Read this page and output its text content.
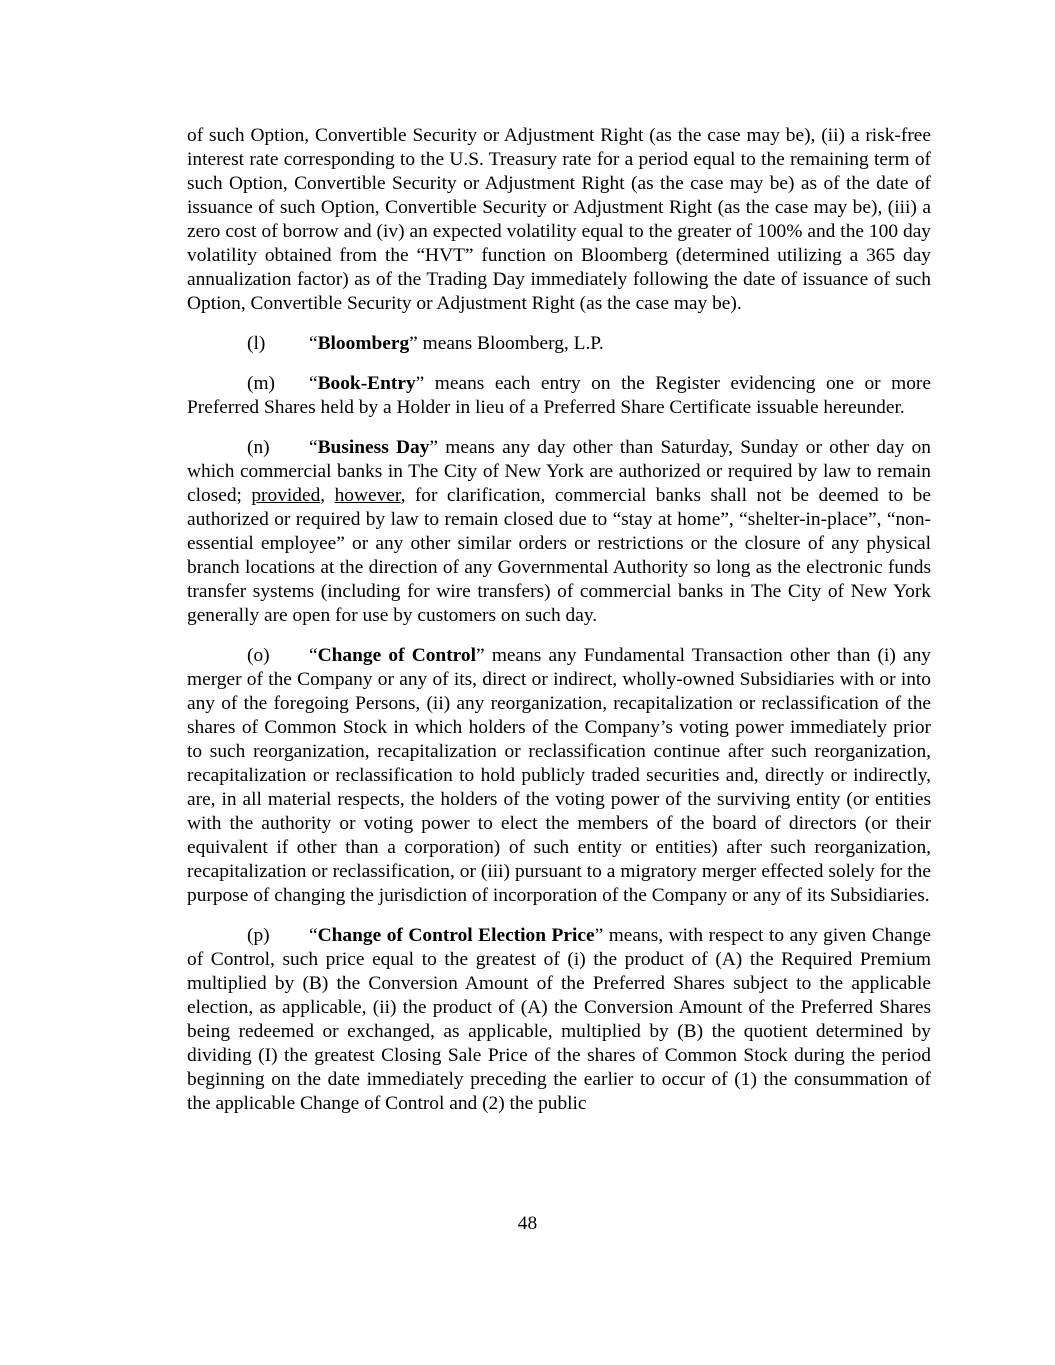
of such Option, Convertible Security or Adjustment Right (as the case may be), (ii) a risk-free interest rate corresponding to the U.S. Treasury rate for a period equal to the remaining term of such Option, Convertible Security or Adjustment Right (as the case may be) as of the date of issuance of such Option, Convertible Security or Adjustment Right (as the case may be), (iii) a zero cost of borrow and (iv) an expected volatility equal to the greater of 100% and the 100 day volatility obtained from the “HVT” function on Bloomberg (determined utilizing a 365 day annualization factor) as of the Trading Day immediately following the date of issuance of such Option, Convertible Security or Adjustment Right (as the case may be).

(l) “Bloomberg” means Bloomberg, L.P.

(m) “Book-Entry” means each entry on the Register evidencing one or more Preferred Shares held by a Holder in lieu of a Preferred Share Certificate issuable hereunder.

(n) “Business Day” means any day other than Saturday, Sunday or other day on which commercial banks in The City of New York are authorized or required by law to remain closed; provided, however, for clarification, commercial banks shall not be deemed to be authorized or required by law to remain closed due to “stay at home”, “shelter-in-place”, “non-essential employee” or any other similar orders or restrictions or the closure of any physical branch locations at the direction of any Governmental Authority so long as the electronic funds transfer systems (including for wire transfers) of commercial banks in The City of New York generally are open for use by customers on such day.

(o) “Change of Control” means any Fundamental Transaction other than (i) any merger of the Company or any of its, direct or indirect, wholly-owned Subsidiaries with or into any of the foregoing Persons, (ii) any reorganization, recapitalization or reclassification of the shares of Common Stock in which holders of the Company’s voting power immediately prior to such reorganization, recapitalization or reclassification continue after such reorganization, recapitalization or reclassification to hold publicly traded securities and, directly or indirectly, are, in all material respects, the holders of the voting power of the surviving entity (or entities with the authority or voting power to elect the members of the board of directors (or their equivalent if other than a corporation) of such entity or entities) after such reorganization, recapitalization or reclassification, or (iii) pursuant to a migratory merger effected solely for the purpose of changing the jurisdiction of incorporation of the Company or any of its Subsidiaries.

(p) “Change of Control Election Price” means, with respect to any given Change of Control, such price equal to the greatest of (i) the product of (A) the Required Premium multiplied by (B) the Conversion Amount of the Preferred Shares subject to the applicable election, as applicable, (ii) the product of (A) the Conversion Amount of the Preferred Shares being redeemed or exchanged, as applicable, multiplied by (B) the quotient determined by dividing (I) the greatest Closing Sale Price of the shares of Common Stock during the period beginning on the date immediately preceding the earlier to occur of (1) the consummation of the applicable Change of Control and (2) the public

48
